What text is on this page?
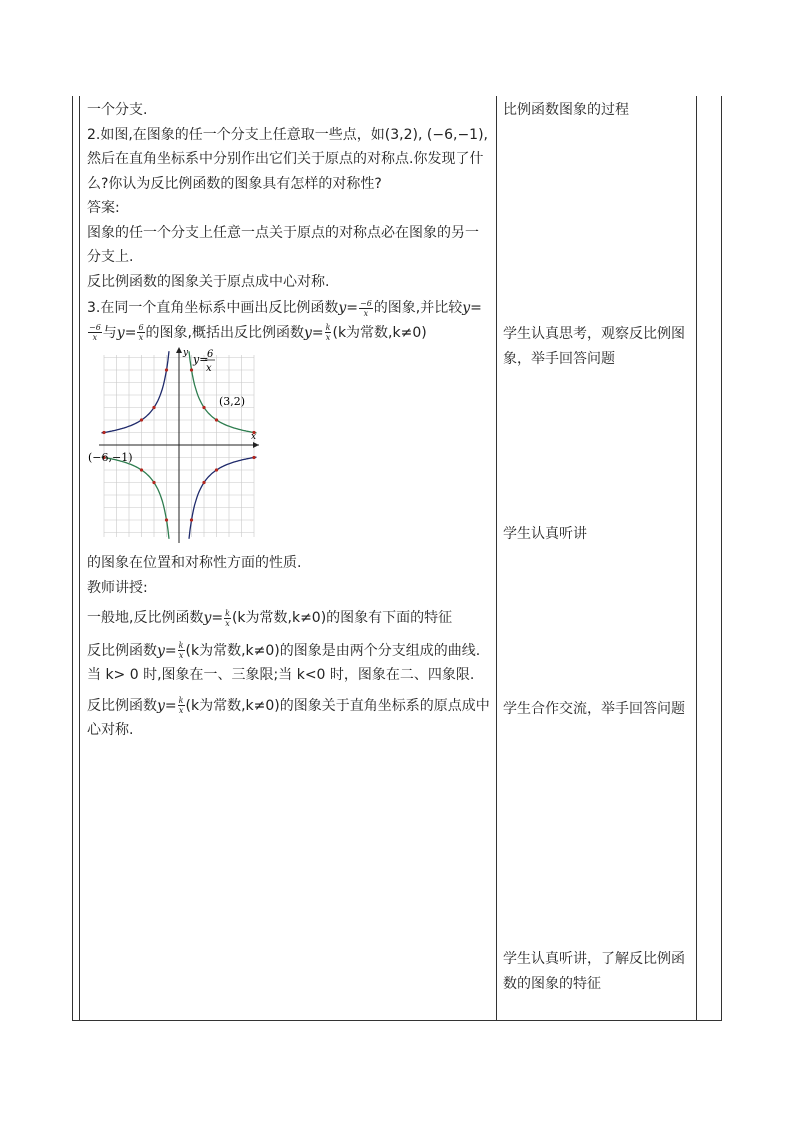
一个分支.

2.如图,在图象的任一个分支上任意取一些点，如(3,2), (−6,−1),然后在直角坐标系中分别作出它们关于原点的对称点.你发现了什么?你认为反比例函数的图象具有怎样的对称性?

答案:

图象的任一个分支上任意一点关于原点的对称点必在图象的另一分支上.

反比例函数的图象关于原点成中心对称.

3.在同一个直角坐标系中画出反比例函数$y= \frac{-6}{x}$ 的图象,并比较y=
$\frac{-6}{x}$ 与$y= \frac{6}{x}$ 的图象,概括出反比例函数$y= \frac{k}{x} (k$为常数,k≠0)

y=
6
x
(3,2)
(−6,−1)
x
y

的图象在位置和对称性方面的性质.

教师讲授:

一般地,反比例函数$y= \frac{k}{x} (k$为常数,k≠0)的图象有下面的特征

反比例函数$y= \frac{k}{x} (k$为常数,k≠0)的图象是由两个分支组成的曲线.当 k> 0 时,图象在一、三象限;当 k<0 时，图象在二、四象限.

反比例函数$y= \frac{k}{x} (k$为常数,k≠0)的图象关于直角坐标系的原点成中心对称.

比例函数图象的过程
学生认真思考，观察反比例图象，举手回答问题
学生认真听讲
学生合作交流，举手回答问题
学生认真听讲，了解反比例函数的图象的特征
